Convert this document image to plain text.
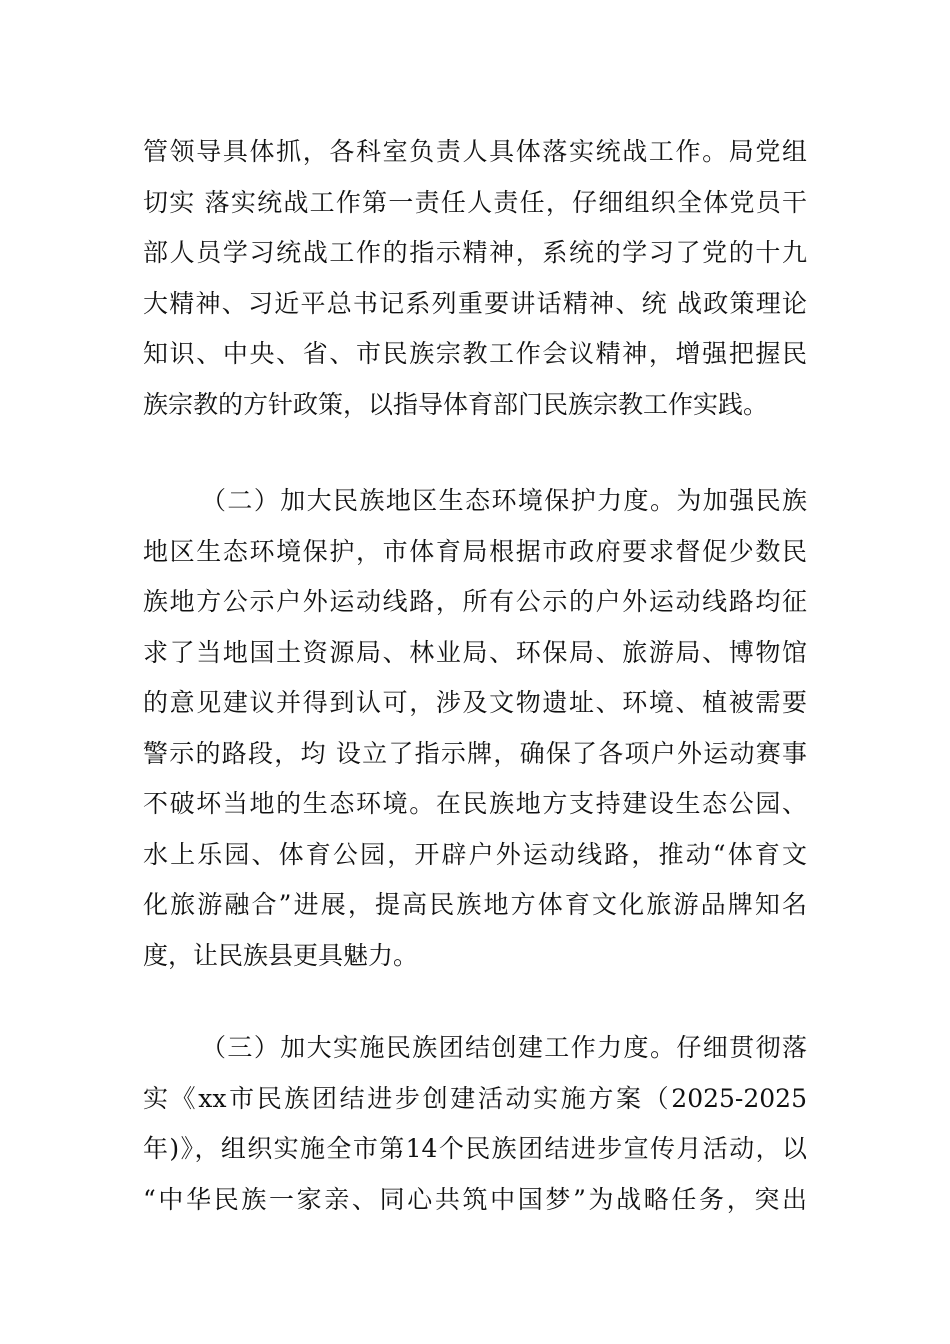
管领导具体抓，各科室负责人具体落实统战工作。局党组
切实 落实统战工作第一责任人责任，仔细组织全体党员干
部人员学习统战工作的指示精神，系统的学习了党的十九
大精神、习近平总书记系列重要讲话精神、统 战政策理论
知识、中央、省、市民族宗教工作会议精神，增强把握民
族宗教的方针政策，以指导体育部门民族宗教工作实践。
（二）加大民族地区生态环境保护力度。为加强民族
地区生态环境保护，市体育局根据市政府要求督促少数民
族地方公示户外运动线路，所有公示的户外运动线路均征
求了当地国土资源局、林业局、环保局、旅游局、博物馆
的意见建议并得到认可，涉及文物遗址、环境、植被需要
警示的路段，均 设立了指示牌，确保了各项户外运动赛事
不破坏当地的生态环境。在民族地方支持建设生态公园、
水上乐园、体育公园，开辟户外运动线路，推动“体育文
化旅游融合”进展，提高民族地方体育文化旅游品牌知名
度，让民族县更具魅力。
（三）加大实施民族团结创建工作力度。仔细贯彻落
实《xx市民族团结进步创建活动实施方案（2025-2025
年)》，组织实施全市第14个民族团结进步宣传月活动，以
“中华民族一家亲、同心共筑中国梦”为战略任务，突出
